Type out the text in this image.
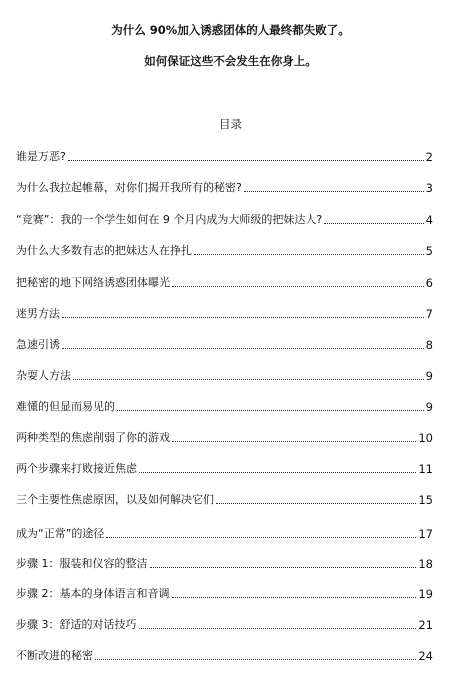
为什么 90%加入诱惑团体的人最终都失败了。
如何保证这些不会发生在你身上。
目录
谁是万恶?	2
为什么我拉起帷幕，对你们揭开我所有的秘密?	3
“竞赛”：我的一个学生如何在 9 个月内成为大师级的把妹达人?	4
为什么大多数有志的把妹达人在挣扎	5
把秘密的地下网络诱惑团体曝光	6
迷男方法	7
急速引诱	8
杂耍人方法	9
难懂的但显而易见的	9
两种类型的焦虑削弱了你的游戏	10
两个步骤来打败接近焦虑	11
三个主要性焦虑原因，以及如何解决它们	15
成为“正常”的途径	17
步骤 1：服装和仪容的整洁	18
步骤 2：基本的身体语言和音调	19
步骤 3：舒适的对话技巧	21
不断改进的秘密	24
